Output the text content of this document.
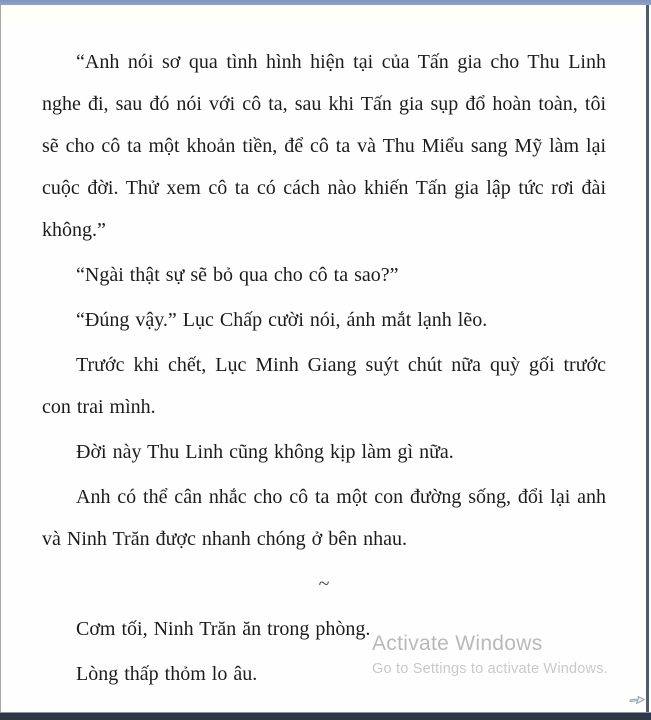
“Anh nói sơ qua tình hình hiện tại của Tấn gia cho Thu Linh nghe đi, sau đó nói với cô ta, sau khi Tấn gia sụp đổ hoàn toàn, tôi sẽ cho cô ta một khoản tiền, để cô ta và Thu Miểu sang Mỹ làm lại cuộc đời. Thử xem cô ta có cách nào khiến Tấn gia lập tức rơi đài không.”

“Ngài thật sự sẽ bỏ qua cho cô ta sao?”

“Đúng vậy.” Lục Chấp cười nói, ánh mắt lạnh lẽo.

Trước khi chết, Lục Minh Giang suýt chút nữa quỳ gối trước con trai mình.

Đời này Thu Linh cũng không kịp làm gì nữa.

Anh có thể cân nhắc cho cô ta một con đường sống, đổi lại anh và Ninh Trăn được nhanh chóng ở bên nhau.

~

Cơm tối, Ninh Trăn ăn trong phòng.

Lòng thấp thỏm lo âu.

Activate Windows
Go to Settings to activate Windows.
